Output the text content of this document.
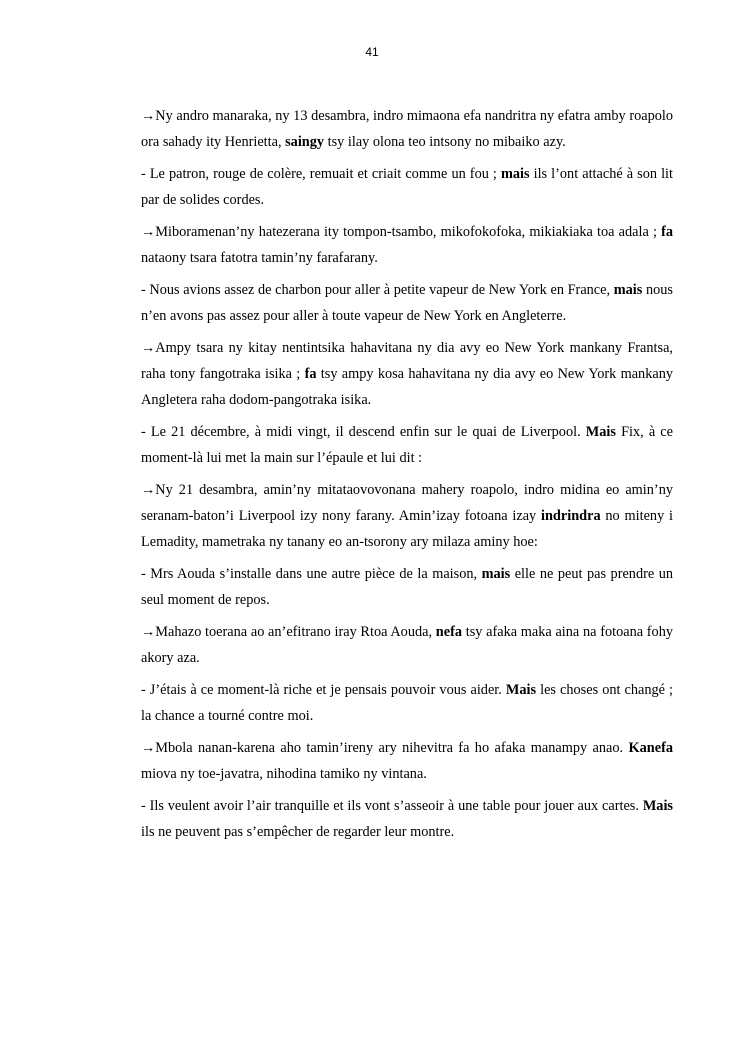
41

→Ny andro manaraka, ny 13 desambra, indro mimaona efa nandritra ny efatra amby roapolo ora sahady ity Henrietta, saingy tsy ilay olona teo intsony no mibaiko azy.

- Le patron, rouge de colère, remuait et criait comme un fou ; mais ils l’ont attaché à son lit par de solides cordes.

→Miboramenan’ny hatezerana ity tompon-tsambo, mikofokofoka, mikiakiaka toa adala ; fa nataony tsara fatotra tamin’ny farafarany.

- Nous avions assez de charbon pour aller à petite vapeur de New York en France, mais nous n’en avons pas assez pour aller à toute vapeur de New York en Angleterre.

→Ampy tsara ny kitay nentintsika hahavitana ny dia avy eo New York mankany Frantsa, raha tony fangotraka isika ; fa tsy ampy kosa hahavitana ny dia avy eo New York mankany Angletera raha dodom-pangotraka isika.

- Le 21 décembre, à midi vingt, il descend enfin sur le quai de Liverpool. Mais Fix, à ce moment-là lui met la main sur l’épaule et lui dit :

→Ny 21 desambra, amin’ny mitataovovonana mahery roapolo, indro midina eo amin’ny seranam-baton’i Liverpool izy nony farany. Amin’izay fotoana izay indrindra no miteny i Lemadity, mametraka ny tanany eo an-tsorony ary milaza aminy hoe:

- Mrs Aouda s’installe dans une autre pièce de la maison, mais elle ne peut pas prendre un seul moment de repos.

→Mahazo toerana ao an’efitrano iray Rtoa Aouda, nefa tsy afaka maka aina na fotoana fohy akory aza.

- J’étais à ce moment-là riche et je pensais pouvoir vous aider. Mais les choses ont changé ; la chance a tourné contre moi.

→Mbola nanan-karena aho tamin’ireny ary nihevitra fa ho afaka manampy anao. Kanefa miova ny toe-javatra, nihodina tamiko ny vintana.

- Ils veulent avoir l’air tranquille et ils vont s’asseoir à une table pour jouer aux cartes. Mais ils ne peuvent pas s’empêcher de regarder leur montre.
